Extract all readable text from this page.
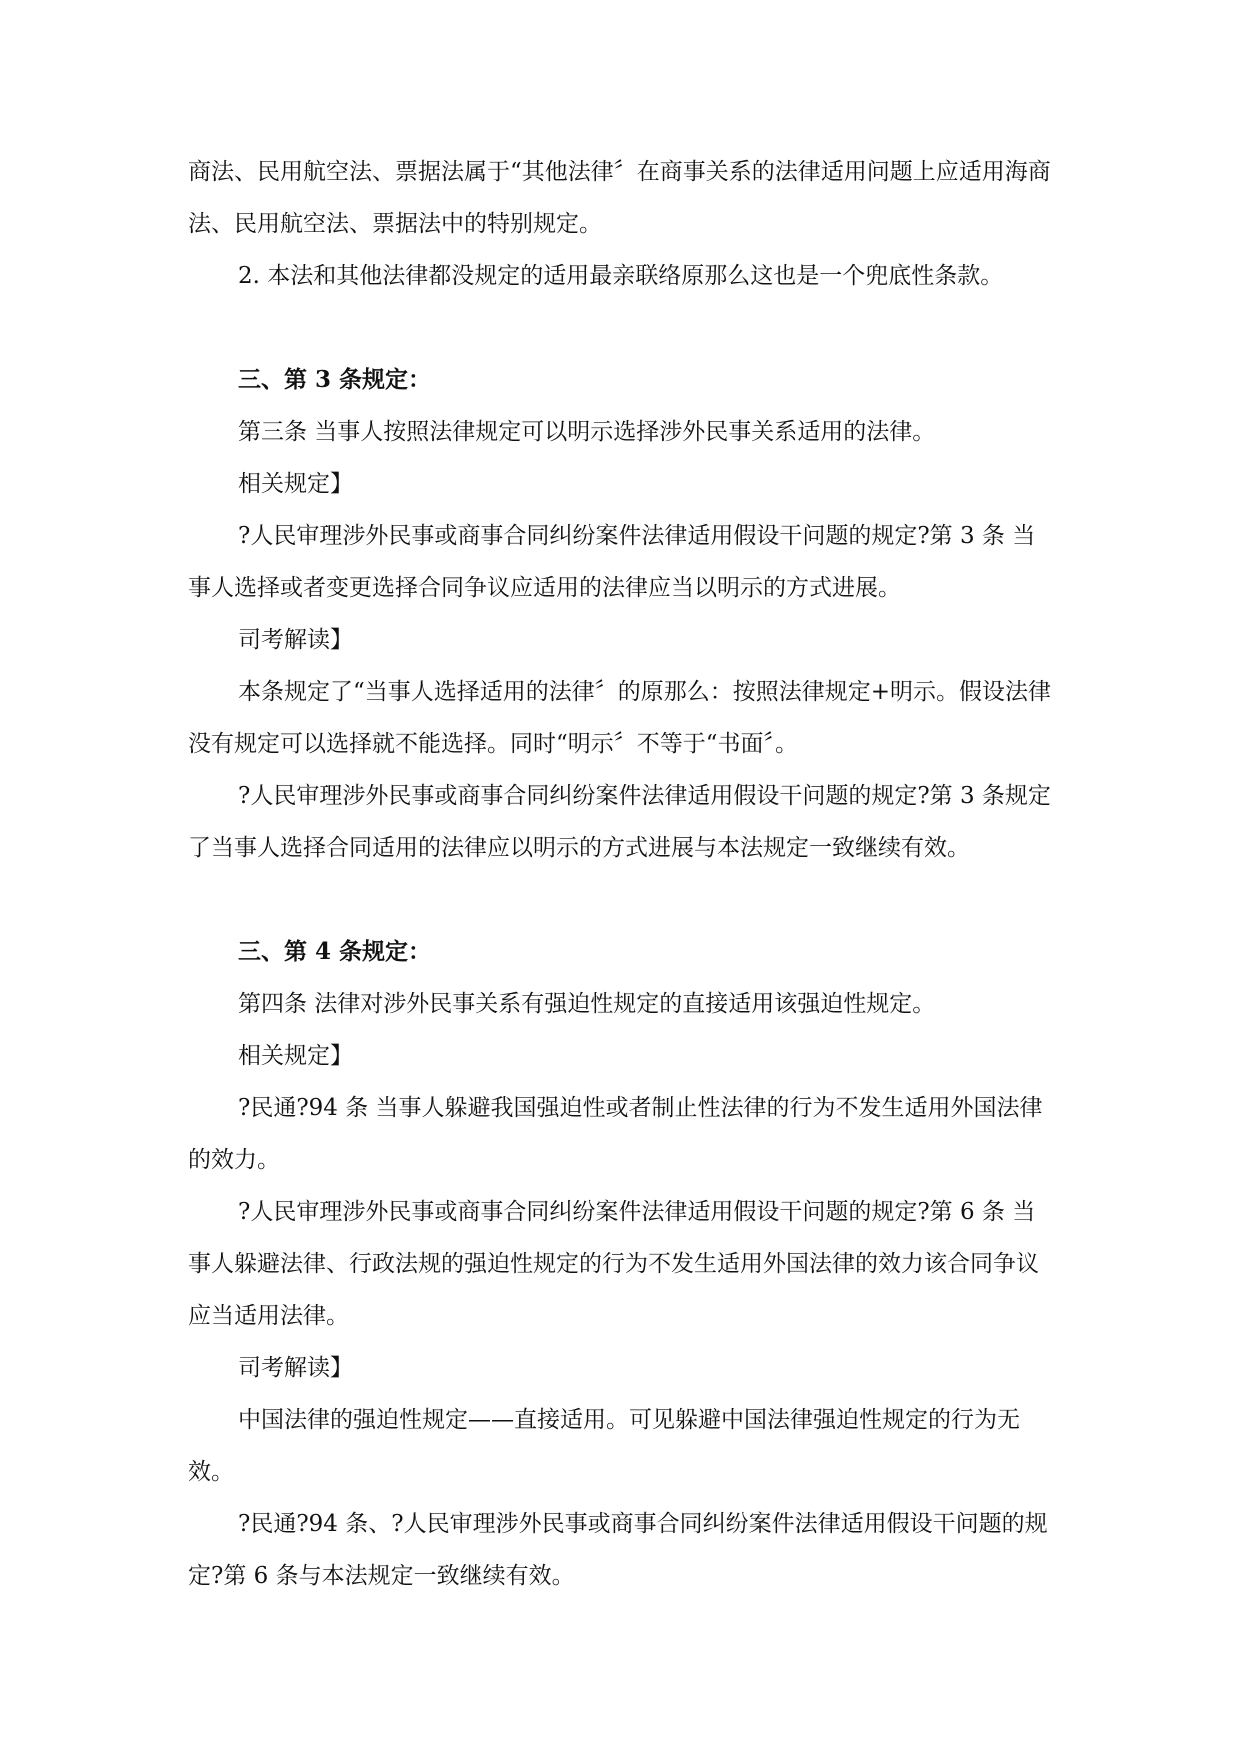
商法、民用航空法、票据法属于“其他法律〞在商事关系的法律适用问题上应适用海商法、民用航空法、票据法中的特别规定。

2. 本法和其他法律都没规定的适用最亲联络原那么这也是一个兜底性条款。

三、第 3 条规定：

第三条 当事人按照法律规定可以明示选择涉外民事关系适用的法律。

相关规定】

?人民审理涉外民事或商事合同纠纷案件法律适用假设干问题的规定?第 3 条 当事人选择或者变更选择合同争议应适用的法律应当以明示的方式进展。

司考解读】

本条规定了“当事人选择适用的法律〞的原那么：按照法律规定+明示。假设法律没有规定可以选择就不能选择。同时“明示〞不等于“书面〞。

?人民审理涉外民事或商事合同纠纷案件法律适用假设干问题的规定?第 3 条规定了当事人选择合同适用的法律应以明示的方式进展与本法规定一致继续有效。

三、第 4 条规定：

第四条 法律对涉外民事关系有强迫性规定的直接适用该强迫性规定。

相关规定】

?民通?94 条 当事人躲避我国强迫性或者制止性法律的行为不发生适用外国法律的效力。

?人民审理涉外民事或商事合同纠纷案件法律适用假设干问题的规定?第 6 条 当事人躲避法律、行政法规的强迫性规定的行为不发生适用外国法律的效力该合同争议应当适用法律。

司考解读】

中国法律的强迫性规定——直接适用。可见躲避中国法律强迫性规定的行为无效。

?民通?94 条、?人民审理涉外民事或商事合同纠纷案件法律适用假设干问题的规定?第 6 条与本法规定一致继续有效。
